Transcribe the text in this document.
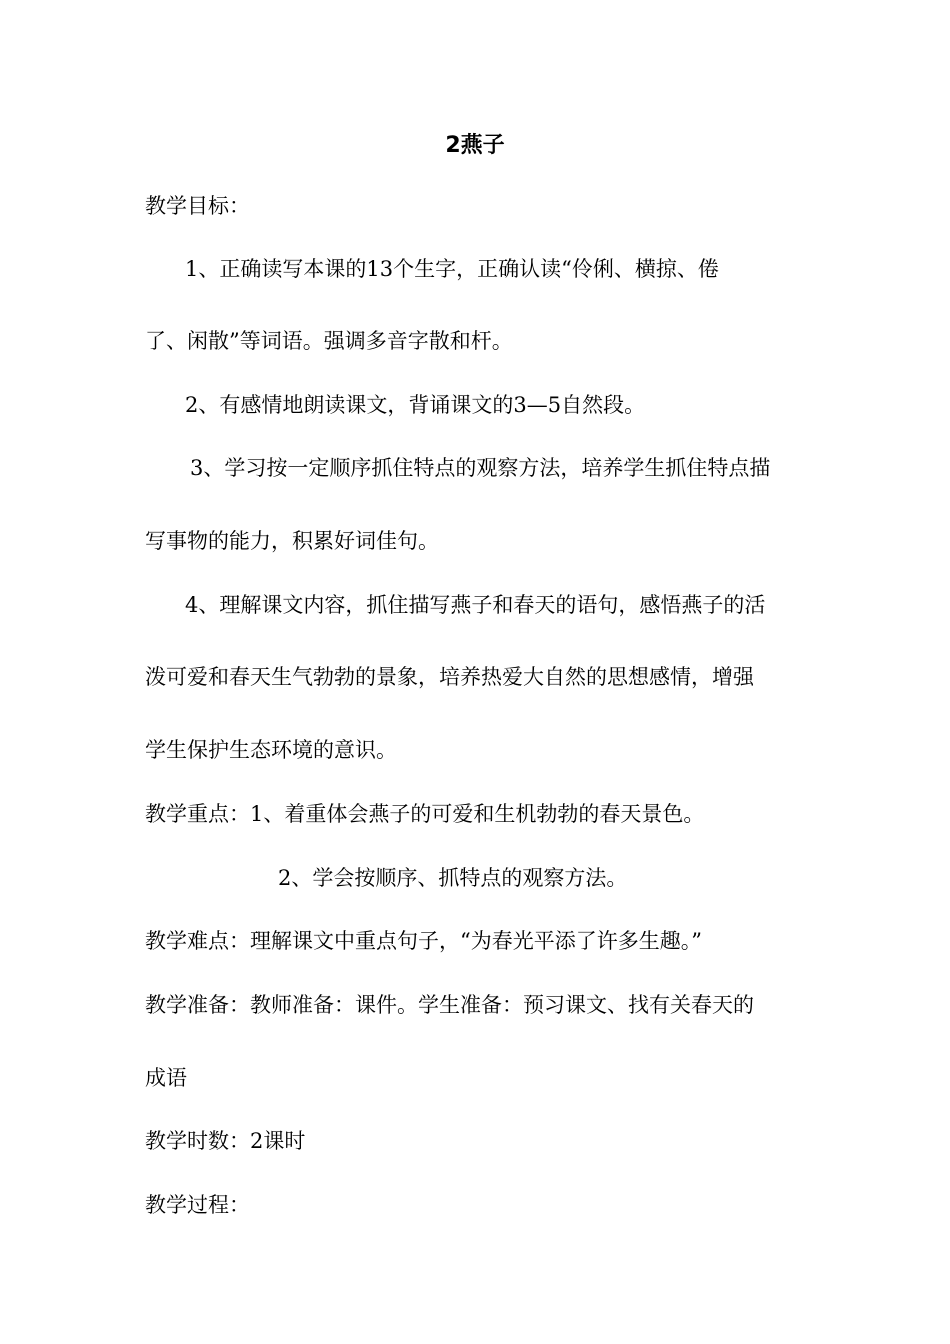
2燕子
教学目标：
1、正确读写本课的13个生字，正确认读“伶俐、横掠、倦
了、闲散”等词语。强调多音字散和杆。
2、有感情地朗读课文，背诵课文的3—5自然段。
3、学习按一定顺序抓住特点的观察方法，培养学生抓住特点描
写事物的能力，积累好词佳句。
4、理解课文内容，抓住描写燕子和春天的语句，感悟燕子的活
泼可爱和春天生气勃勃的景象，培养热爱大自然的思想感情，增强
学生保护生态环境的意识。
教学重点：1、着重体会燕子的可爱和生机勃勃的春天景色。
2、学会按顺序、抓特点的观察方法。
教学难点：理解课文中重点句子，“为春光平添了许多生趣。”
教学准备：教师准备：课件。学生准备：预习课文、找有关春天的
成语
教学时数：2课时
教学过程：
